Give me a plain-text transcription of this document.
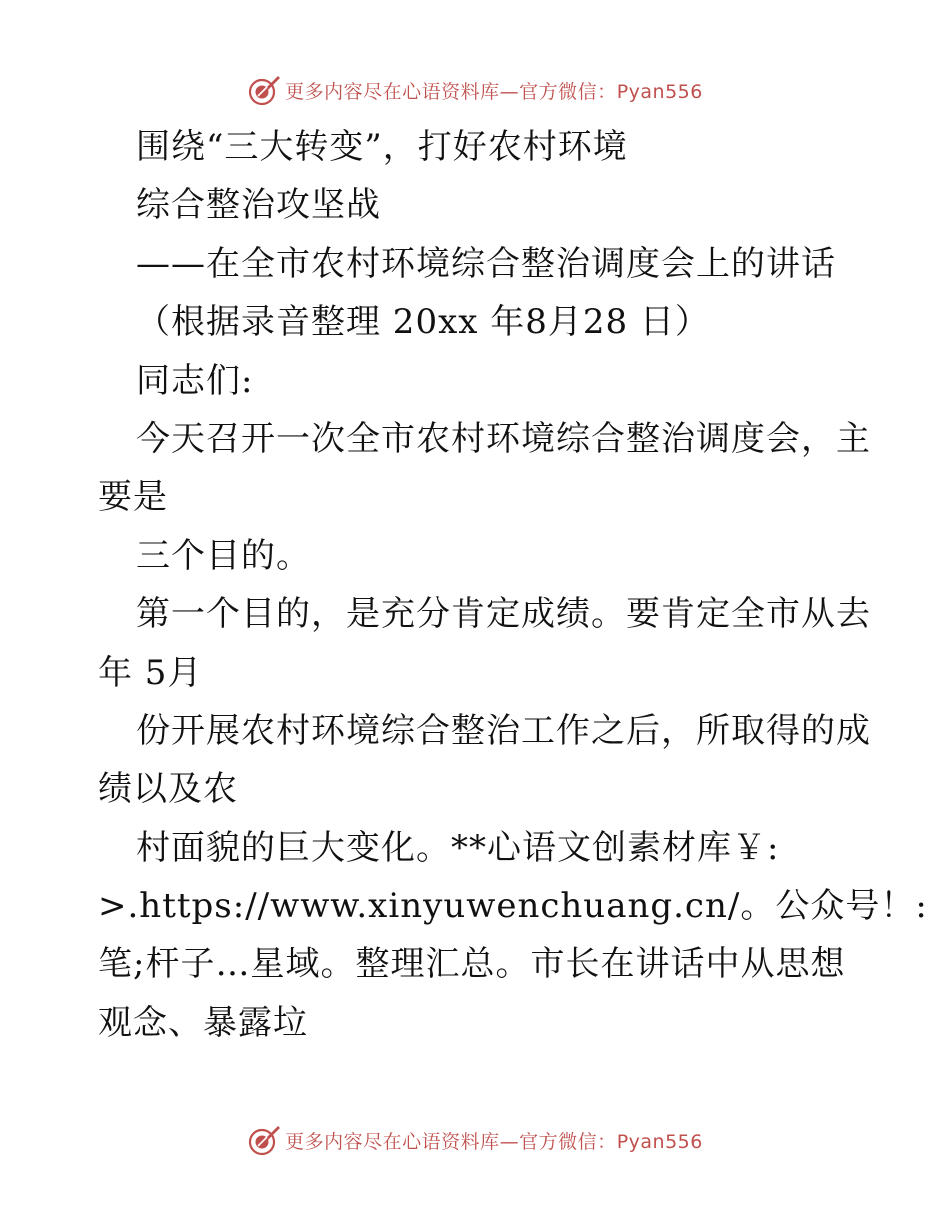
更多内容尽在心语资料库—官方微信：Pyan556
围绕“三大转变”，打好农村环境
综合整治攻坚战
——在全市农村环境综合整治调度会上的讲话
（根据录音整理 20xx 年8月28 日）
同志们:
今天召开一次全市农村环境综合整治调度会，主
要是
三个目的。
第一个目的，是充分肯定成绩。要肯定全市从去
年 5月
份开展农村环境综合整治工作之后，所取得的成
绩以及农
村面貌的巨大变化。**心语文创素材库￥:
>.https://www.xinyuwenchuang.cn/。公众号！:
笔;杆子…星域。整理汇总。市长在讲话中从思想
观念、暴露垃
更多内容尽在心语资料库—官方微信：Pyan556
